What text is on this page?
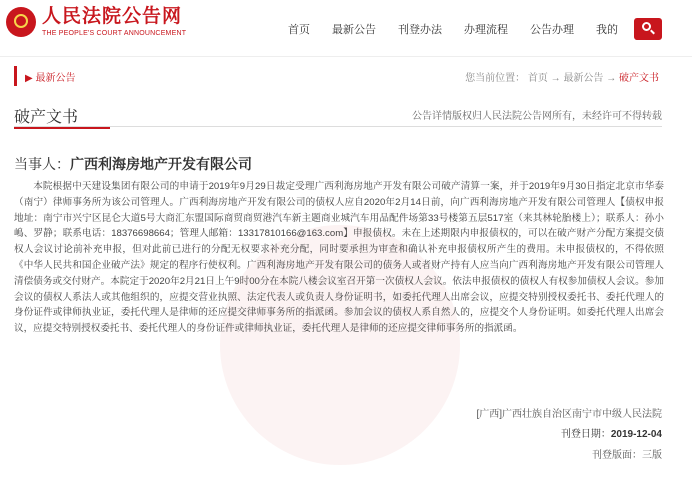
人民法院公告网
THE PEOPLE'S COURT ANNOUNCEMENT	首页 最新公告 刊登办法 办理流程 公告办理 我的
▶ 最新公告	您当前位置： 首页 → 最新公告 → 破产文书
破产文书	公告详情版权归人民法院公告网所有，未经许可不得转载
当事人：广西利海房地产开发有限公司
本院根据中天建设集团有限公司的申请于2019年9月29日裁定受理广西利海房地产开发有限公司破产清算一案，并于2019年9月30日指定北京市华泰（南宁）律师事务所为该公司管理人。广西利海房地产开发有限公司的债权人应自2020年2月14日前，向广西利海房地产开发有限公司管理人【债权申报地址：南宁市兴宁区昆仑大道5号大商汇东盟国际商贸商贸港汽车新主题商业城汽车用品配件场第33号楼第五层517室（来其林轮胎楼上）；联系人：孙小嶋、罗静；联系电话：18376698664；管理人邮箱：13317810166@163.com】申报债权。未在上述期限内申报债权的，可以在破产财产分配方案提交债权人会议讨论前补充申报，但对此前已进行的分配无权要求补充分配，同时要承担为审查和确认补充申报债权所产生的费用。未申报债权的，不得依照《中华人民共和国企业破产法》规定的程序行使权利。广西利海房地产开发有限公司的债务人或者财产持有人应当向广西利海房地产开发有限公司管理人清偿债务或交付财产。本院定于2020年2月21日上午9时00分在本院八楼会议室召开第一次债权人会议。依法申报债权的债权人有权参加债权人会议。参加会议的债权人系法人或其他组织的，应提交营业执照、法定代表人或负责人身份证明书，如委托代理人出席会议，应提交特别授权委托书、委托代理人的身份证件或律师执业证，委托代理人是律师的还应提交律师事务所的指派函。参加会议的债权人系自然人的，应提交个人身份证明。如委托代理人出席会议，应提交特别授权委托书、委托代理人的身份证件或律师执业证，委托代理人是律师的还应提交律师事务所的指派函。
[广西]广西壮族自治区南宁市中级人民法院
刊登日期：2019-12-04
刊登版面：三版
